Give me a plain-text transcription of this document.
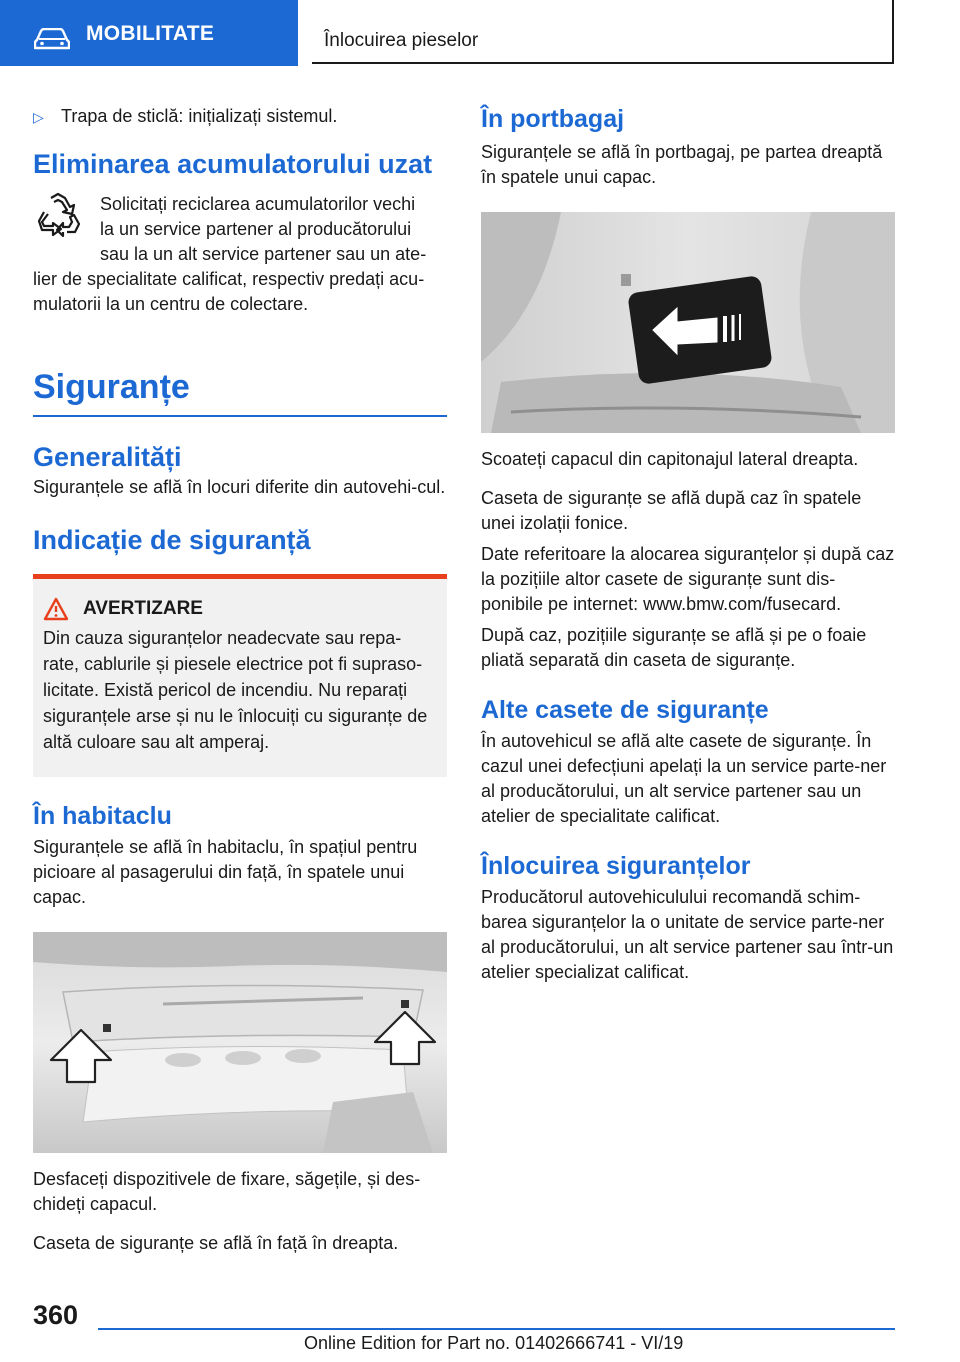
MOBILITATE	Înlocuirea pieselor
▷ Trapa de sticlă: inițializați sistemul.
Eliminarea acumulatorului uzat

Solicitați reciclarea acumulatorilor vechi

la un service partener al producătorului

sau la un alt service partener sau un ate-

lier de specialitate calificat, respectiv predați acu-

mulatorii la un centru de colectare.

Siguranțe
Generalități

Siguranțele se află în locuri diferite din autovehi-cul.

Indicație de siguranță
AVERTIZARE

Din cauza siguranțelor neadecvate sau repa-rate, cablurile și piesele electrice pot fi supraso-licitate. Există pericol de incendiu. Nu reparați siguranțele arse și nu le înlocuiți cu siguranțe de altă culoare sau alt amperaj.

În habitaclu

Siguranțele se află în habitaclu, în spațiul pentru picioare al pasagerului din față, în spatele unui capac.

Desfaceți dispozitivele de fixare, săgețile, și des-chideți capacul.

Caseta de siguranțe se află în față în dreapta.

În portbagaj

Siguranțele se află în portbagaj, pe partea dreaptă în spatele unui capac.

Scoateți capacul din capitonajul lateral dreapta.

Caseta de siguranțe se află după caz în spatele unei izolații fonice.

Date referitoare la alocarea siguranțelor și după caz la pozițiile altor casete de siguranțe sunt dis-ponibile pe internet: www.bmw.com/fusecard.

După caz, pozițiile siguranțe se află și pe o foaie pliată separată din caseta de siguranțe.

Alte casete de siguranțe

În autovehicul se află alte casete de siguranțe. În cazul unei defecțiuni apelați la un service parte-ner al producătorului, un alt service partener sau un atelier de specialitate calificat.

Înlocuirea siguranțelor

Producătorul autovehiculului recomandă schim-barea siguranțelor la o unitate de service parte-ner al producătorului, un alt service partener sau într-un atelier specializat calificat.

360
Online Edition for Part no. 01402666741 - VI/19
